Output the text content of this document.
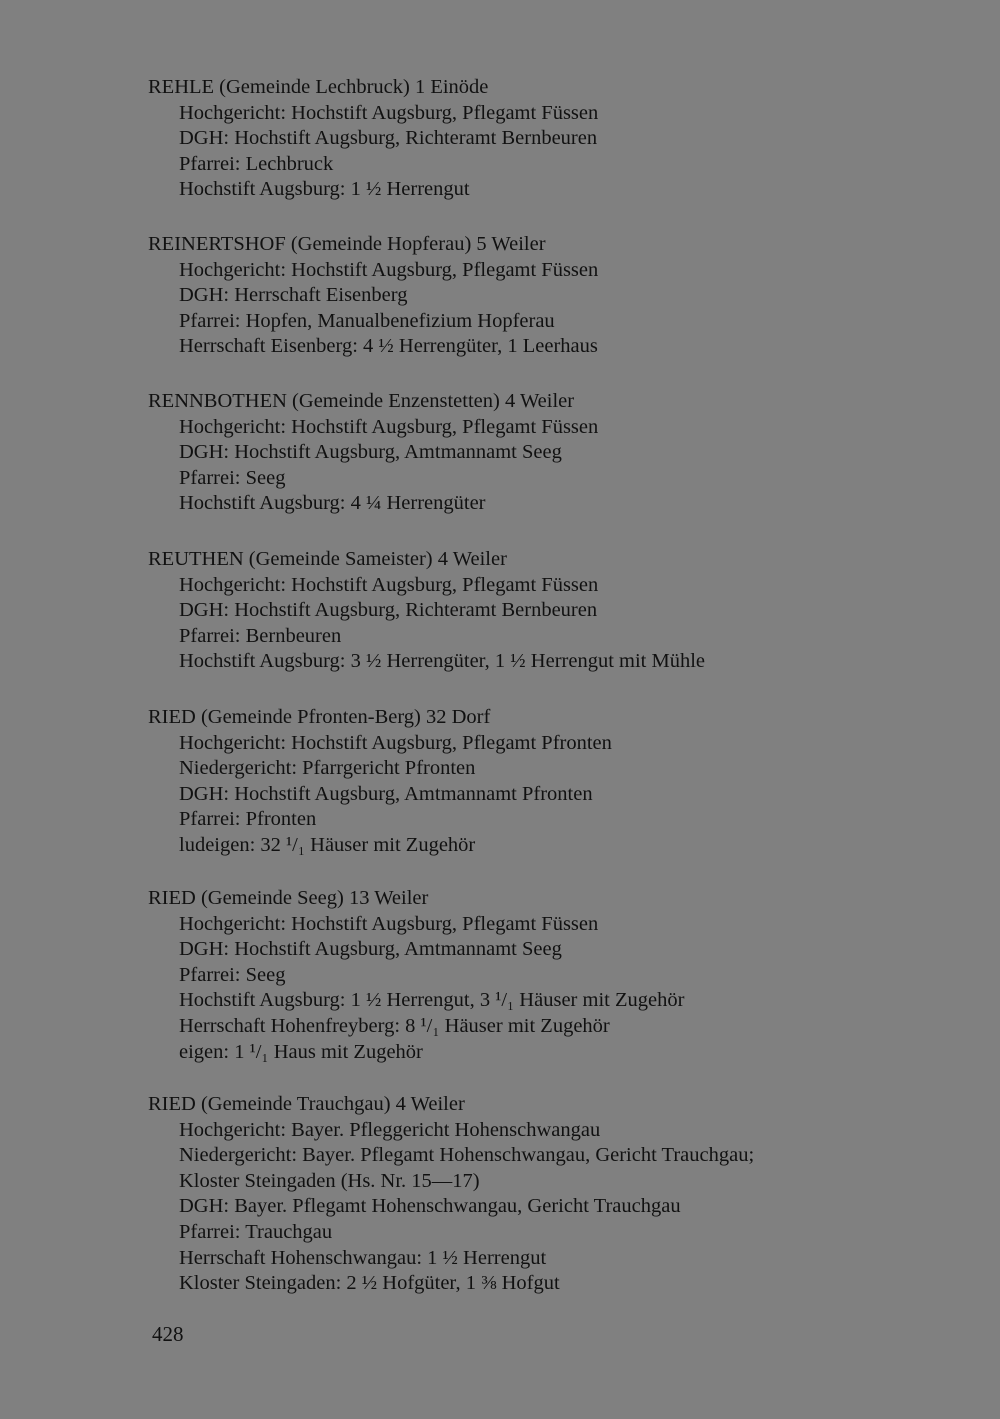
REHLE (Gemeinde Lechbruck) 1 Einöde
Hochgericht: Hochstift Augsburg, Pflegamt Füssen
DGH: Hochstift Augsburg, Richteramt Bernbeuren
Pfarrei: Lechbruck
Hochstift Augsburg: 1 ½ Herrengut
REINERTSHOF (Gemeinde Hopferau) 5 Weiler
Hochgericht: Hochstift Augsburg, Pflegamt Füssen
DGH: Herrschaft Eisenberg
Pfarrei: Hopfen, Manualbenefizium Hopferau
Herrschaft Eisenberg: 4 ½ Herrengüter, 1 Leerhaus
RENNBOTHEN (Gemeinde Enzenstetten) 4 Weiler
Hochgericht: Hochstift Augsburg, Pflegamt Füssen
DGH: Hochstift Augsburg, Amtmannamt Seeg
Pfarrei: Seeg
Hochstift Augsburg: 4 ¼ Herrengüter
REUTHEN (Gemeinde Sameister) 4 Weiler
Hochgericht: Hochstift Augsburg, Pflegamt Füssen
DGH: Hochstift Augsburg, Richteramt Bernbeuren
Pfarrei: Bernbeuren
Hochstift Augsburg: 3 ½ Herrengüter, 1 ½ Herrengut mit Mühle
RIED (Gemeinde Pfronten-Berg) 32 Dorf
Hochgericht: Hochstift Augsburg, Pflegamt Pfronten
Niedergericht: Pfarrgericht Pfronten
DGH: Hochstift Augsburg, Amtmannamt Pfronten
Pfarrei: Pfronten
ludeigen: 32 ¹/₁ Häuser mit Zugehör
RIED (Gemeinde Seeg) 13 Weiler
Hochgericht: Hochstift Augsburg, Pflegamt Füssen
DGH: Hochstift Augsburg, Amtmannamt Seeg
Pfarrei: Seeg
Hochstift Augsburg: 1 ½ Herrengut, 3 ¹/₁ Häuser mit Zugehör
Herrschaft Hohenfreyberg: 8 ¹/₁ Häuser mit Zugehör
eigen: 1 ¹/₁ Haus mit Zugehör
RIED (Gemeinde Trauchgau) 4 Weiler
Hochgericht: Bayer. Pfleggericht Hohenschwangau
Niedergericht: Bayer. Pflegamt Hohenschwangau, Gericht Trauchgau;
Kloster Steingaden (Hs. Nr. 15—17)
DGH: Bayer. Pflegamt Hohenschwangau, Gericht Trauchgau
Pfarrei: Trauchgau
Herrschaft Hohenschwangau: 1 ½ Herrengut
Kloster Steingaden: 2 ½ Hofgüter, 1 ⅜ Hofgut
428
